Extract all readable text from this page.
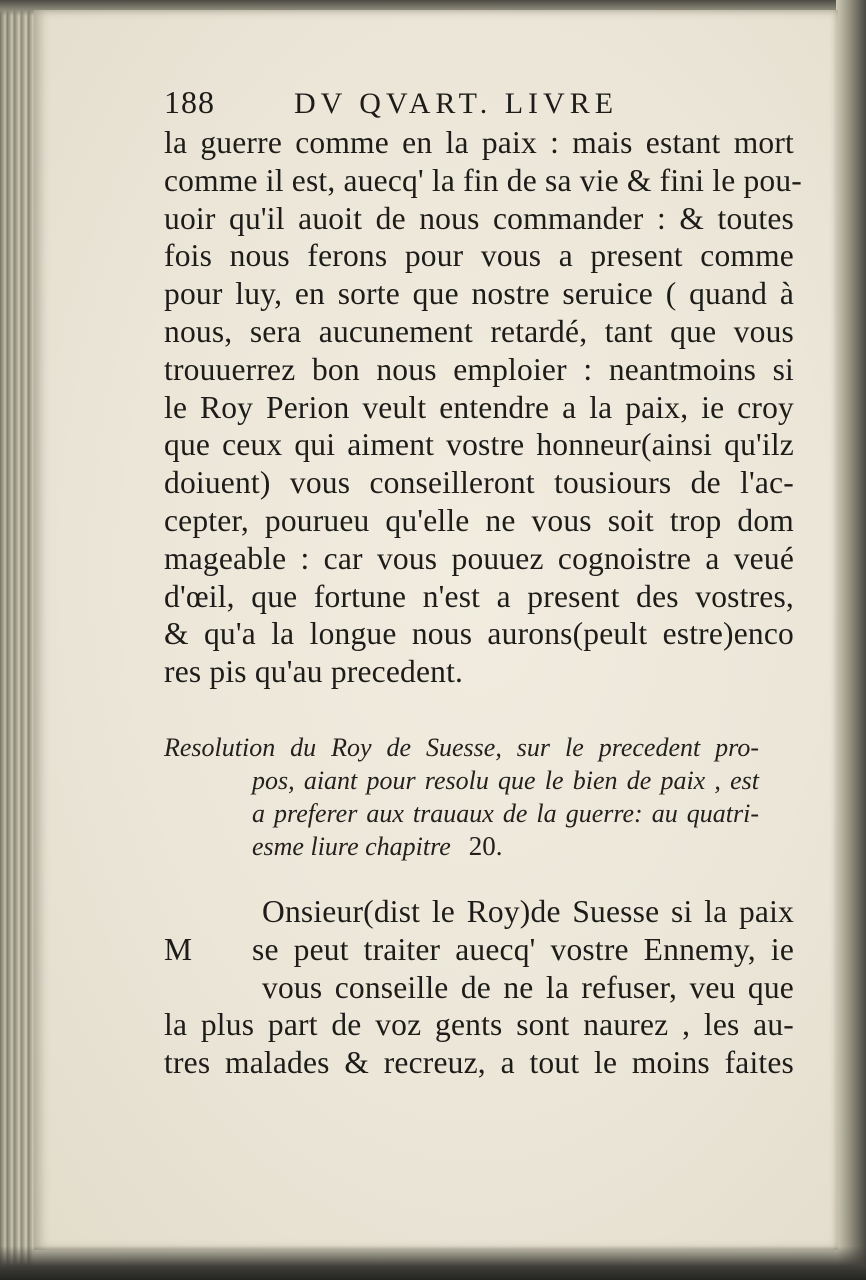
188	DV QVART. LIVRE
la guerre comme en la paix : mais estant mort
comme il est, auecq' la fin de sa vie & fini le pou-
uoir qu'il auoit de nous commander : & toutes
fois nous ferons pour vous a present comme
pour luy, en sorte que nostre seruice ( quand à
nous, sera aucunement retardé, tant que vous
trouuerrez bon nous emploier : neantmoins si
le Roy Perion veult entendre a la paix, ie croy
que ceux qui aiment vostre honneur(ainsi qu'ilz
doiuent) vous conseilleront tousiours de l'ac-
cepter, pourueu qu'elle ne vous soit trop dom
mageable : car vous pouuez cognoistre a veué
d'œil, que fortune n'est a present des vostres,
& qu'a la longue nous aurons(peult estre)enco
res pis qu'au precedent.
Resolution du Roy de Suesse, sur le precedent pro-
pos, aiant pour resolu que le bien de paix , est
a preferer aux trauaux de la guerre: au quatri-
esme liure chapitre 20.
M
Onsieur(dist le Roy)de Suesse si la paix
se peut traiter auecq' vostre Ennemy, ie
vous conseille de ne la refuser, veu que
la plus part de voz gents sont naurez , les au-
tres malades & recreuz, a tout le moins faites
